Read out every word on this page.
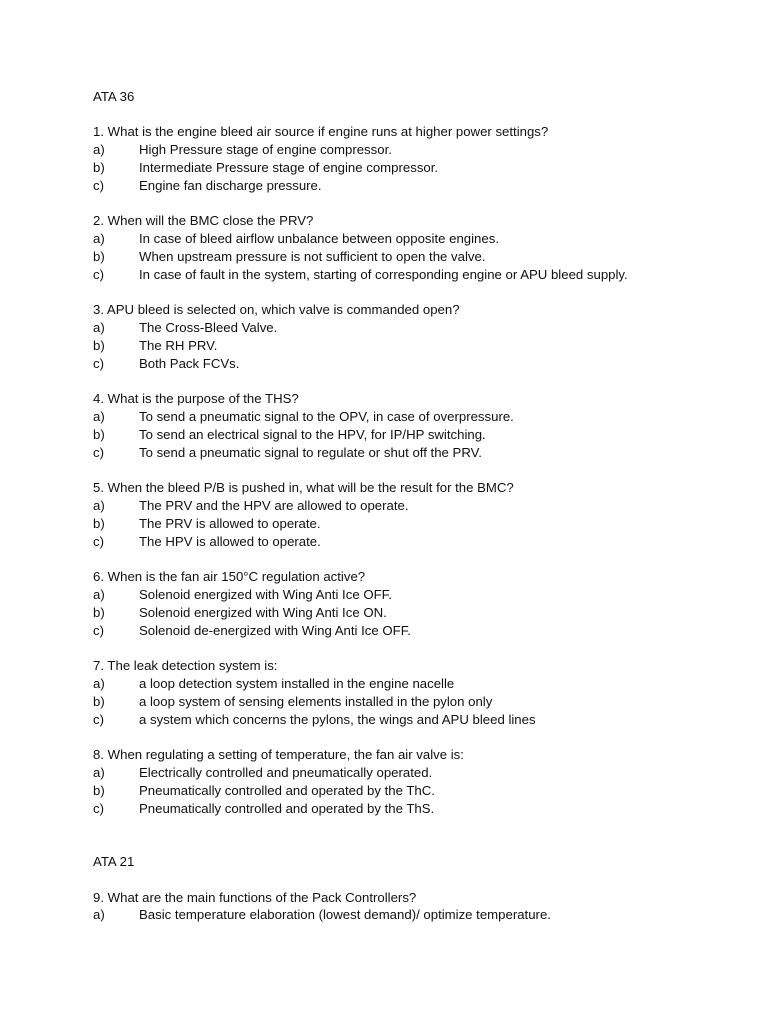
ATA 36
1. What is the engine bleed air source if engine runs at higher power settings?
a)	High Pressure stage of engine compressor.
b)	Intermediate Pressure stage of engine compressor.
c)	Engine fan discharge pressure.
2. When will the BMC close the PRV?
a)	In case of bleed airflow unbalance between opposite engines.
b)	When upstream pressure is not sufficient to open the valve.
c)	In case of fault in the system, starting of corresponding engine or APU bleed supply.
3. APU bleed is selected on, which valve is commanded open?
a)	The Cross-Bleed Valve.
b)	The RH PRV.
c)	Both Pack FCVs.
4. What is the purpose of the THS?
a)	To send a pneumatic signal to the OPV, in case of overpressure.
b)	To send an electrical signal to the HPV, for IP/HP switching.
c)	To send a pneumatic signal to regulate or shut off the PRV.
5. When the bleed P/B is pushed in, what will be the result for the BMC?
a)	The PRV and the HPV are allowed to operate.
b)	The PRV is allowed to operate.
c)	The HPV is allowed to operate.
6. When is the fan air 150°C regulation active?
a)	Solenoid energized with Wing Anti Ice OFF.
b)	Solenoid energized with Wing Anti Ice ON.
c)	Solenoid de-energized with Wing Anti Ice OFF.
7. The leak detection system is:
a)	a loop detection system installed in the engine nacelle
b)	a loop system of sensing elements installed in the pylon only
c)	a system which concerns the pylons, the wings and APU bleed lines
8. When regulating a setting of temperature, the fan air valve is:
a)	Electrically controlled and pneumatically operated.
b)	Pneumatically controlled and operated by the ThC.
c)	Pneumatically controlled and operated by the ThS.
ATA 21
9. What are the main functions of the Pack Controllers?
a)	Basic temperature elaboration (lowest demand)/ optimize temperature.
